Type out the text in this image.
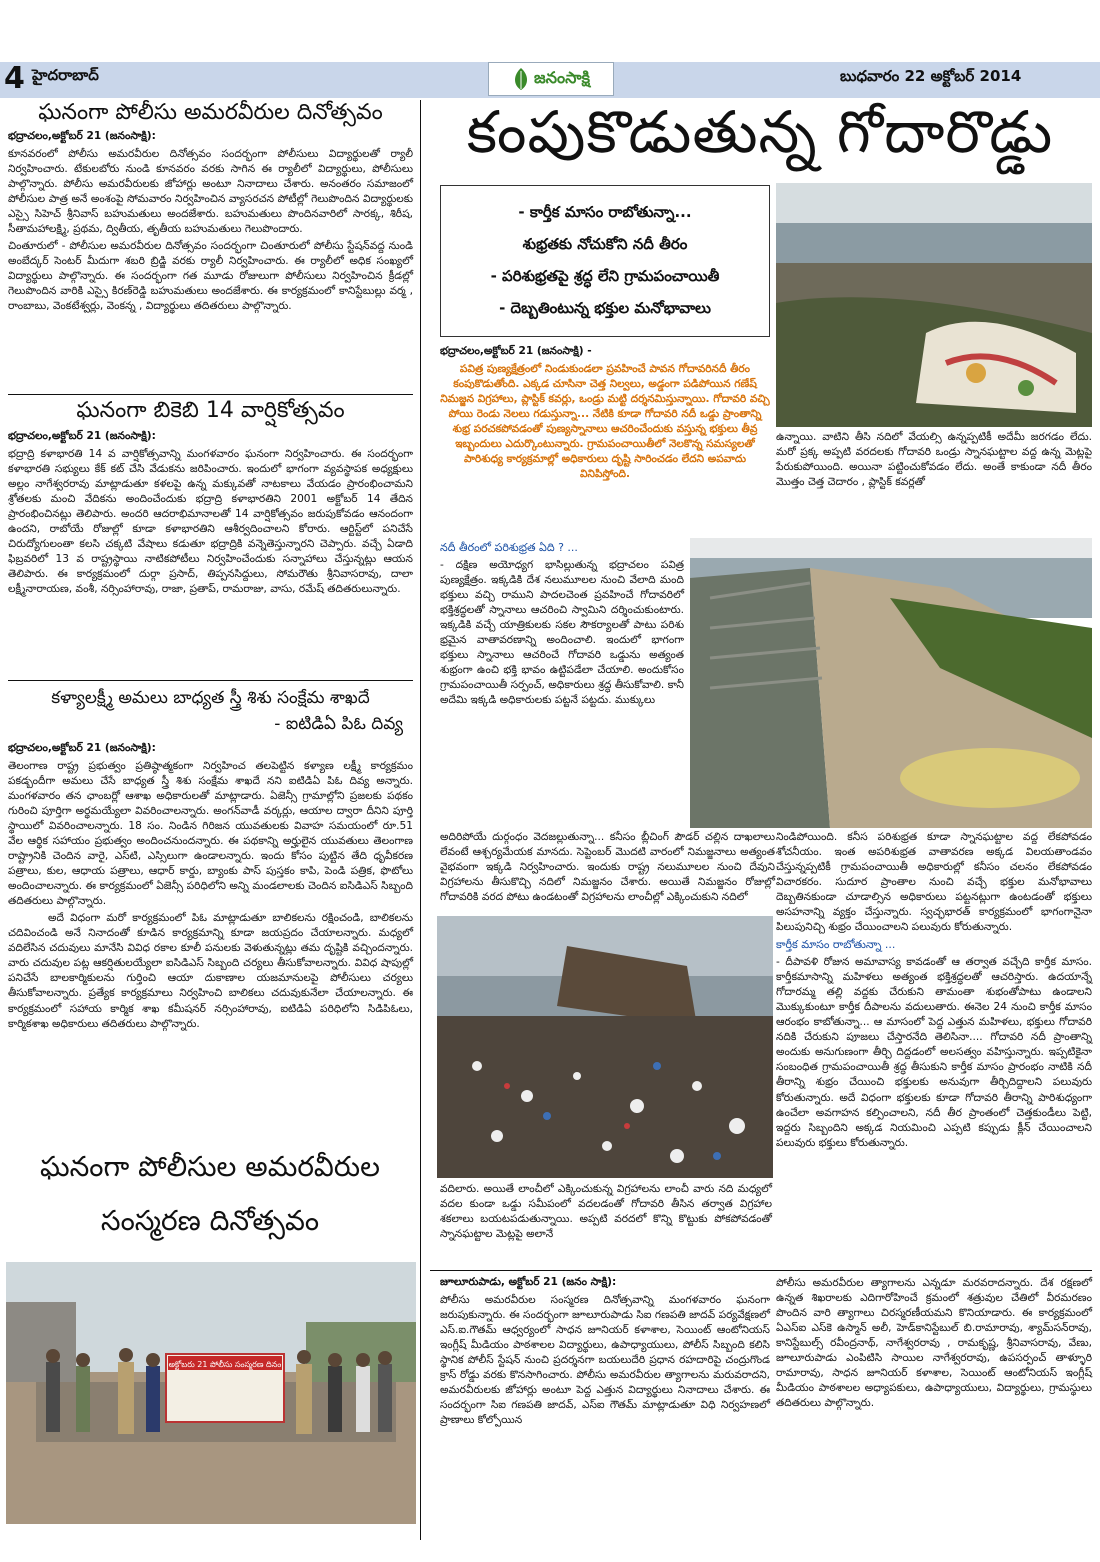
4 హైదరాబాద్	జనంసాక్షి	బుధవారం 22 అక్టోబర్ 2014
ఘనంగా పోలీసు అమరవీరుల దినోత్సవం
భద్రాచలం,అక్టోబర్ 21 (జనంసాక్షి):

కూనవరంలో పోలీసు అమరవీరుల దినోత్సవం సందర్భంగా పోలీసులు విద్యార్థులతో ర్యాలీ నిర్వహించారు. టేకులబోరు నుండి కూనవరం వరకు సాగిన ఈ ర్యాలీలో విద్యార్థులు, పోలీసులు పాల్గొన్నారు. పోలీసు అమరవీరులకు జోహార్లు అంటూ నినాదాలు చేశారు. అనంతరం సమాజంలో పోలీసుల పాత్ర అనే అంశంపై సోమవారం నిర్వహించిన వ్యాసరచన పోటీల్లో గెలుపొందిన విద్యార్థులకు ఎస్సై సిహెచ్ శ్రీనివాస్ బహుమతులు అందజేశారు. బహుమతులు పొందినవారిలో సారక్క, శిరీష, సీతామహాలక్ష్మి, ప్రథమ, ద్వితీయ, తృతీయ బహుమతులు గెలుపొందారు.

చింతూరులో - పోలీసుల అమరవీరుల దినోత్సవం సందర్భంగా చింతూరులో పోలీసు స్టేషన్‌వద్ద నుండి అంబేద్కర్ సెంటర్ మీదుగా శబరి బ్రిడ్జి వరకు ర్యాలీ నిర్వహించారు. ఈ ర్యాలీలో అధిక సంఖ్యలో విద్యార్థులు పాల్గొన్నారు. ఈ సందర్భంగా గత మూడు రోజులుగా పోలీసులు నిర్వహించిన క్రీడల్లో గెలుపొందిన వారికి ఎస్సై కిరణ్‌రెడ్డి బహుమతులు అందజేశారు. ఈ కార్యక్రమంలో కానిస్టేబుల్లు వర్మ , రాంబాబు, వెంకటేశ్వర్లు, వెంకన్న , విద్యార్థులు తదితరులు పాల్గొన్నారు.

ఘనంగా బికెబి 14 వార్షికోత్సవం
భద్రాచలం,అక్టోబర్ 21 (జనంసాక్షి):

భద్రాద్రి కళాభారతి 14 వ వార్షికోత్సవాన్ని మంగళవారం ఘనంగా నిర్వహించారు. ఈ సందర్భంగా కళాభారతి సభ్యులు కేక్ కట్ చేసి వేడుకను జరిపించారు. ఇందులో భాగంగా వ్యవస్థాపక అధ్యక్షులు అల్లం నాగేశ్వరరావు మాట్లాడుతూ కళలపై ఉన్న మక్కువతో నాటకాలు వేయడం ప్రారంభించామని శ్రోతలకు మంచి వేదికను అందించేందుకు భద్రాద్రి కళాభారతిని 2001 అక్టోబర్ 14 తేదిన ప్రారంభించినట్లు తెలిపారు. అందరి ఆదరాభిమానాలతో 14 వార్షికోత్సవం జరుపుకోవడం ఆనందంగా ఉందని, రాబోయే రోజుల్లో కూడా కళాభారతిని ఆశీర్వదించాలని కోరారు. ఆర్టిస్ట్‌లో పనిచేసే చిరుద్యోగులంతా కలసి చక్కటి వేషాలు కడుతూ భద్రాద్రికి వన్నెతెస్తున్నారని చెప్పారు. వచ్చే ఏడాది ఫిబ్రవరిలో 13 వ రాష్ట్రస్థాయి నాటికపోటీలు నిర్వహించేందుకు సన్నాహాలు చేస్తున్నట్లు ఆయన తెలిపారు. ఈ కార్యక్రమంలో దుర్గా ప్రసాద్, తిప్పనసిద్దులు, సోమరౌతు శ్రీనివాసరావు, దాలా లక్ష్మీనారాయణ, వంశీ, నర్సింహారావు, రాజా, ప్రతాప్, రామరాజు, వాసు, రమేష్ తదితరులున్నారు.

కళ్యాలక్ష్మీ అమలు బాధ్యత స్త్రీ శిశు సంక్షేమ శాఖదే
- ఐటిడిఏ పిఓ దివ్య
భద్రాచలం,అక్టోబర్ 21 (జనంసాక్షి):

తెలంగాణ రాష్ట్ర ప్రభుత్వం ప్రతిష్ఠాత్మకంగా నిర్వహించ తలపెట్టిన కళ్యాణ లక్ష్మీ కార్యక్రమం పకడ్బందీగా అమలు చేసే బాధ్యత స్త్రీ శిశు సంక్షేమ శాఖదే నని ఐటిడిఏ పిఓ దివ్య అన్నారు. మంగళవారం తన ఛాంబర్లో ఆశాఖ అధికారులతో మాట్లాడారు. ఏజెన్సీ గ్రామాల్లోని ప్రజలకు పథకం గురించి పూర్తిగా అర్థమయ్యేలా వివరించాలన్నారు. అంగన్‌వాడీ వర్కర్లు, ఆయాల ద్వారా దీనిని పూర్తి స్థాయిలో వివరించాలన్నారు. 18 సం. నిండిన గిరిజన యువతులకు వివాహ సమయంలో రూ.51 వేల ఆర్థిక సహాయం ప్రభుత్వం అందించనుందన్నారు. ఈ పథకాన్ని అర్హులైన యువతులు తెలంగాణ రాష్ట్రానికి చెందిన వారై, ఎస్‌టి, ఎస్సిలుగా ఉండాలన్నారు. ఇందు కోసం పుట్టిన తేది ధృవీకరణ పత్రాలు, కుల, ఆధాయ పత్రాలు, ఆధార్ కార్డు, బ్యాంకు పాస్ పుస్తకం కాపి, పెండి పత్రిక, ఫొటోలు అందించాలన్నారు. ఈ కార్యక్రమంలో ఏజెన్సీ పరిధిలోని అన్ని మండలాలకు చెందిన ఐసిడిఎస్ సిబ్బంది తదితరులు పాల్గొన్నారు.

అదే విధంగా మరో కార్యక్రమంలో పిఓ మాట్లాడుతూ బాలికలను రక్షించండి, బాలికలను చదివించండి అనే నినాదంతో కూడిన కార్యక్రమాన్ని కూడా జయప్రదం చేయాలన్నారు. మధ్యలో వదిలేసిన చదువులు మానేసి వివిధ రకాల కూలీ పనులకు వెళుతున్నట్లు తమ దృష్టికి వచ్చిందన్నారు. వారు చదువుల పట్ల ఆకర్షితులయ్యేలా ఐసిడిఎస్ సిబ్బంది చర్యలు తీసుకోవాలన్నారు. వివిధ షాపుల్లో పనిచేసే బాలకార్మికులను గుర్తించి ఆయా దుకాణాల యజమానులపై పోలీసులు చర్యలు తీసుకోవాలన్నారు. ప్రత్యేక కార్యక్రమాలు నిర్వహించి బాలికలు చదువుకునేలా చేయాలన్నారు. ఈ కార్యక్రమంలో సహాయ కార్మిక శాఖ కమీషనర్ నర్సింహారావు, ఐటిడిఏ పరిధిలోని సిడిపిఓలు, కార్మికశాఖ అధికారులు తదితరులు పాల్గొన్నారు.

ఘనంగా పోలీసుల అమరవీరుల
సంస్మరణ దినోత్సవం
అక్టోబరు 21 పోలీసు సంస్మరణ దినం
కంపుకొడుతున్న గోదారొడ్డు
- కార్తీక మాసం రాబోతున్నా...
శుభ్రతకు నోచుకోని నదీ తీరం
- పరిశుభ్రతపై శ్రద్ధ లేని గ్రామపంచాయితీ
- దెబ్బతింటున్న భక్తుల మనోభావాలు
భద్రాచలం,అక్టోబర్ 21 (జనంసాక్షి) -

పవిత్ర పుణ్యక్షేత్రంలో నిండుకుండలా ప్రవహించే పావన గోదావరినదీ తీరం కంపుకొడుతోంది. ఎక్కడ చూసినా చెత్త నిల్వలు, అడ్డంగా పడిపోయిన గణేష్ నిమజ్జన విగ్రహాలు, ప్లాస్టిక్ కవర్లు, ఒండ్రు మట్టి దర్శనమిస్తున్నాయి. గోదావరి వచ్చి పోయి రెండు నెలలు గడుస్తున్నా... నేటికి కూడా గోదావరి నదీ ఒడ్డు ప్రాంతాన్ని శుభ్ర పరచకపోవడంతో పుణ్యస్నానాలు ఆచరించేందుకు వస్తున్న భక్తులు తీవ్ర ఇబ్బందులు ఎదుర్కొంటున్నారు. గ్రామపంచాయితీలో నెలకొన్న సమస్యలతో పారిశుధ్య కార్యక్రమాల్లో అధికారులు దృష్టి సారించడం లేదని అపవాదు వినిపిస్తోంది.

ఉన్నాయి. వాటిని తీసి నదిలో వేయల్సి ఉన్నప్పటికీ అదేమీ జరగడం లేదు. మరో ప్రక్క అప్పటి వరదలకు గోదావరి ఒండ్రు స్నానఘట్టాల వద్ద ఉన్న మెట్లపై పేరుకుపోయింది. అయినా పట్టించుకోవడం లేదు. అంతే కాకుండా నదీ తీరం మొత్తం చెత్త చెదారం , ప్లాస్టిక్ కవర్లతో
నదీ తీరంలో పరిశుభ్రత ఏది ? ...

- దక్షిణ అయోధ్యగ భాసిల్లుతున్న భద్రాచలం పవిత్ర పుణ్యక్షేత్రం. ఇక్కడికి దేశ నలుమూలల నుంచి వేలాది మంది భక్తులు వచ్చి రాముని పాదలచెంత ప్రవహించే గోదావరిలో భక్తిశ్రద్ధలతో స్నానాలు ఆచరించి స్వామిని దర్శించుకుంటారు. ఇక్కడికి వచ్చే యాత్రికులకు సకల సౌకర్యాలతో పాటు పరిశు భ్రమైన వాతావరణాన్ని అందించాలి. ఇందులో భాగంగా భక్తులు స్నానాలు ఆచరించే గోదావరి ఒడ్డును అత్యంత శుభ్రంగా ఉంచి భక్తి భావం ఉట్టిపడేలా చేయాలి. అందుకోసం గ్రామపంచాయితీ సర్పంచ్, అధికారులు శ్రద్ధ తీసుకోవాలి. కానీ అదేమి ఇక్కడి అధికారులకు పట్టనే పట్టదు. ముక్కులు

అదిరిపోయే దుర్గంధం వెదజల్లుతున్నా... కనీసం బ్లీచింగ్ పౌడర్ చల్లిన దాఖలాలు లేవంటే ఆశ్చర్యమేయక మానదు. సెప్టెంబర్ మొదటి వారంలో నిమజ్జనాలు అత్యంత వైభవంగా ఇక్కడి నిర్వహించారు. ఇందుకు రాష్ట్ర నలుమూలల నుంచి దేవుని విగ్రహాలను తీసుకొచ్చి నదిలో నిమజ్జనం చేశారు. అయితే నిమజ్జనం రోజుల్లో గోదావరికి వరద పోటు ఉండటంతో విగ్రహాలను లాంచీల్లో ఎక్కించుకుని నదిలో

నిండిపోయింది. కనీస పరిశుభ్రత కూడా స్నానఘట్టాల వద్ద లేకపోవడం శోచనీయం. ఇంత అపరిశుభ్రత వాతావరణ అక్కడ విలయతాండవం చేస్తున్నప్పటికీ గ్రామపంచాయితీ అధికారుల్లో కనీసం చలనం లేకపోవడం విచారకరం. సుదూర ప్రాంతాల నుంచి వచ్చే భక్తుల మనోభావాలు దెబ్బతినకుండా చూడాల్సిన అధికారులు పట్టనట్లుగా ఉంటడంతో భక్తులు అసహనాన్ని వ్యక్తం చేస్తున్నారు. స్వచ్ఛభారత్ కార్యక్రమంలో భాగంగానైనా పిలుపునిచ్చి శుభ్రం చేయించాలని పలువురు కోరుతున్నారు.

కార్తీక మాసం రాబోతున్నా ...

- దీపావళి రోజున అమావాస్య కావడంతో ఆ తర్వాత వచ్చేది కార్తీక మాసం. కార్తీకమాసాన్ని మహిళలు అత్యంత భక్తిశ్రద్ధలతో ఆచరిస్తారు. ఉదయాన్నే గోదారమ్మ తల్లి వద్దకు చేరుకుని తామంతా శుభంతోపాటు ఉండాలని మొక్కుకుంటూ కార్తీక దీపాలను వదులుతారు. ఈనెల 24 నుంచి కార్తీక మాసం ఆరంభం కాబోతున్నా... ఆ మాసంలో పెద్ద ఎత్తున మహిళలు, భక్తులు గోదావరి నదికి చేరుకుని పూజలు చేస్తారనేది తెలిసినా.... గోదావరి నదీ ప్రాంతాన్ని అందుకు అనుగుణంగా తీర్చి దిద్దడంలో అలసత్వం వహిస్తున్నారు. ఇప్పటికైనా సంబంధిత గ్రామపంచాయితీ శ్రద్ధ తీసుకుని కార్తీక మాసం ప్రారంభం నాటికి నదీ తీరాన్ని శుభ్రం చేయించి భక్తులకు అనువుగా తీర్చిదిద్దాలని పలువురు కోరుతున్నారు. అదే విధంగా భక్తులకు కూడా గోదావరి తీరాన్ని పారిశుధ్యంగా ఉంచేలా అవగాహన కల్పించాలని, నదీ తీర ప్రాంతంలో చెత్తకుండీలు పెట్టి, ఇద్దరు సిబ్బందిని అక్కడ నియమించి ఎప్పటి కప్పుడు క్లీన్ చేయించాలని పలువురు భక్తులు కోరుతున్నారు.

వదిలారు. అయితే లాంచీలో ఎక్కించుకున్న విగ్రహాలను లాంచీ వారు నది మధ్యలో వదల కుండా ఒడ్డు సమీపంలో వదలడంతో గోదావరి తీసిన తర్వాత విగ్రహాల శకలాలు బయటపడుతున్నాయి. అప్పటి వరదలో కొన్ని కొట్టుకు పోకపోవడంతో స్నానఘట్టాల మెట్లపై అలానే
జూలూరుపాడు, అక్టోబర్ 21 (జనం సాక్షి):

పోలీసు అమరవీరుల సంస్మరణ దినోత్సవాన్ని మంగళవారం ఘనంగా జరుపుకున్నారు. ఈ సందర్భంగా జూలూరుపాడు సిఐ గణపతి జాదవ్ పర్యవేక్షణలో ఎస్.ఐ.గౌతమ్ ఆధ్వర్యంలో సాధన జూనియర్ కళాశాల, సెయింట్ ఆంటోనియస్ ఇంగ్లీష్ మీడియం పాఠశాలల విద్యార్థులు, ఉపాధ్యాయులు, పోలీస్ సిబ్బంది కలిసి స్థానిక పోలీస్ స్టేషన్ నుంచి ప్రదర్శనగా బయలుదేరి ప్రధాన రహదారిపై చంద్రుగొండ క్రాస్ రోడ్డు వరకు కొనసాగించారు. పోలీసు అమరవీరుల త్యాగాలను మరువరాదని, అమరవీరులకు జోహార్లు అంటూ పెద్ద ఎత్తున విద్యార్థులు నినాదాలు చేశారు. ఈ సందర్భంగా సిఐ గణపతి జాదవ్, ఎస్ఐ గౌతమ్ మాట్లాడుతూ విధి నిర్వహణలో ప్రాణాలు కోల్పోయిన

పోలీసు అమరవీరుల త్యాగాలను ఎన్నడూ మరవరాదన్నారు. దేశ రక్షణలో ఉన్నత శిఖరాలకు ఎదిగారోహించే క్రమంలో శత్రువుల చేతిలో వీరమరణం పొందిన వారి త్యాగాలు చిరస్మరణీయమని కొనియాడారు. ఈ కార్యక్రమంలో ఏఎస్ఐ ఎస్‌కె ఉస్మాన్ అలీ, హెడ్‌కానిస్టేబుల్ బి.రామారావు, శ్యామ్‌సన్‌రావు, కానిస్టేబుల్స్ రవీంద్రనాథ్, నాగేశ్వరరావు , రామకృష్ణ, శ్రీనివాసరావు, వేణు, జూలూరుపాడు ఎంపిటిసి సాయిల నాగేశ్వరరావు, ఉపసర్పంచ్ తాళ్ళూరి రామారావు, సాధన జూనియర్ కళాశాల, సెయింట్ ఆంటోనియస్ ఇంగ్లీష్ మీడియం పాఠశాలల అధ్యాపకులు, ఉపాధ్యాయులు, విద్యార్థులు, గ్రామస్థులు తదితరులు పాల్గొన్నారు.
